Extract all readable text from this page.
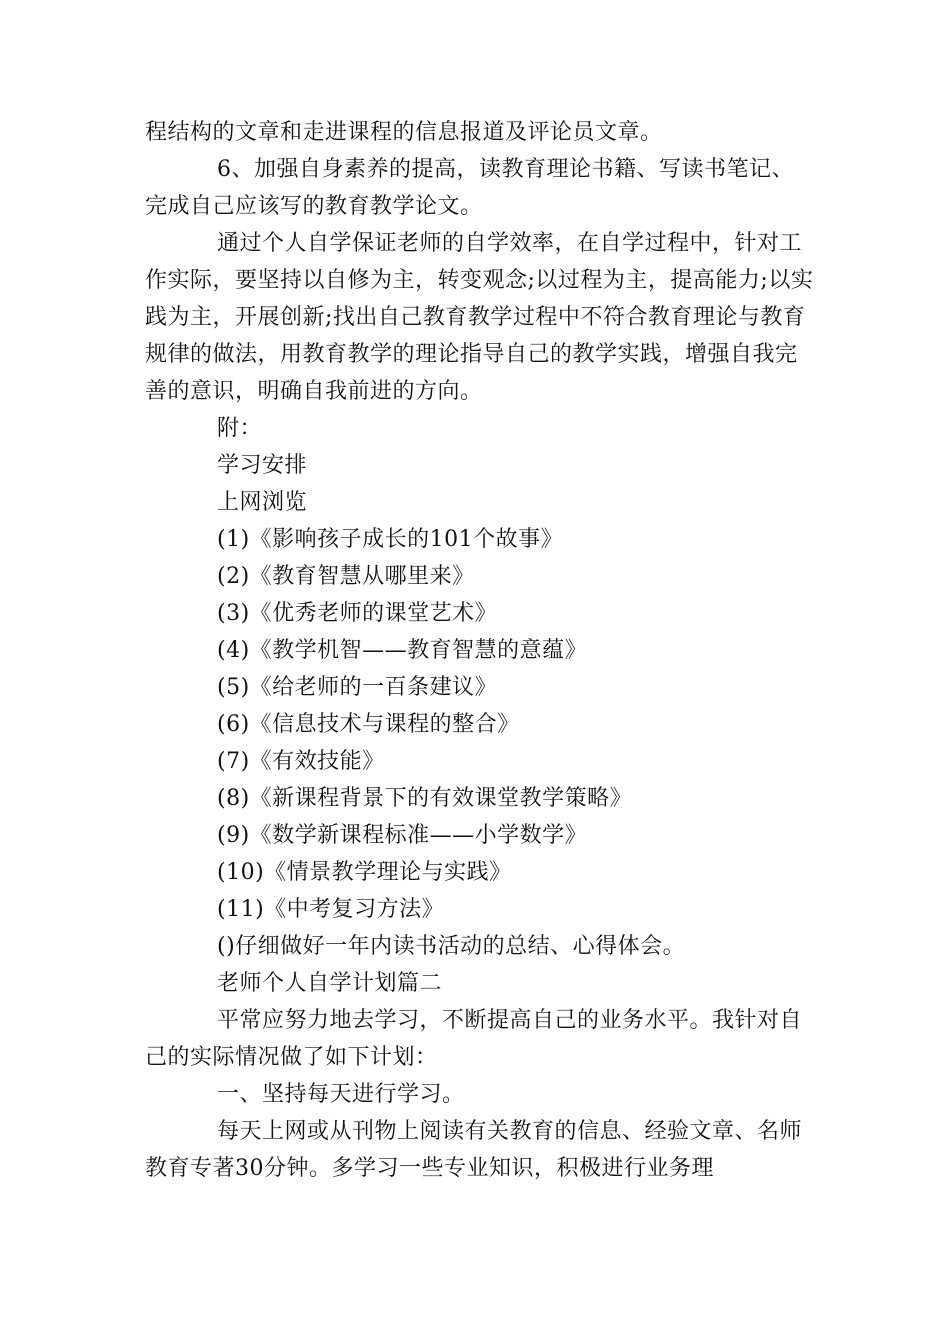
程结构的文章和走进课程的信息报道及评论员文章。

6、加强自身素养的提高，读教育理论书籍、写读书笔记、完成自己应该写的教育教学论文。

通过个人自学保证老师的自学效率，在自学过程中，针对工作实际，要坚持以自修为主，转变观念;以过程为主，提高能力;以实践为主，开展创新;找出自己教育教学过程中不符合教育理论与教育规律的做法，用教育教学的理论指导自己的教学实践，增强自我完善的意识，明确自我前进的方向。

附：

学习安排

上网浏览

(1)《影响孩子成长的101个故事》

(2)《教育智慧从哪里来》

(3)《优秀老师的课堂艺术》

(4)《教学机智——教育智慧的意蕴》

(5)《给老师的一百条建议》

(6)《信息技术与课程的整合》

(7)《有效技能》

(8)《新课程背景下的有效课堂教学策略》

(9)《数学新课程标准——小学数学》

(10)《情景教学理论与实践》

(11)《中考复习方法》

()仔细做好一年内读书活动的总结、心得体会。

老师个人自学计划篇二

平常应努力地去学习，不断提高自己的业务水平。我针对自己的实际情况做了如下计划：

一、坚持每天进行学习。

每天上网或从刊物上阅读有关教育的信息、经验文章、名师教育专著30分钟。多学习一些专业知识，积极进行业务理
